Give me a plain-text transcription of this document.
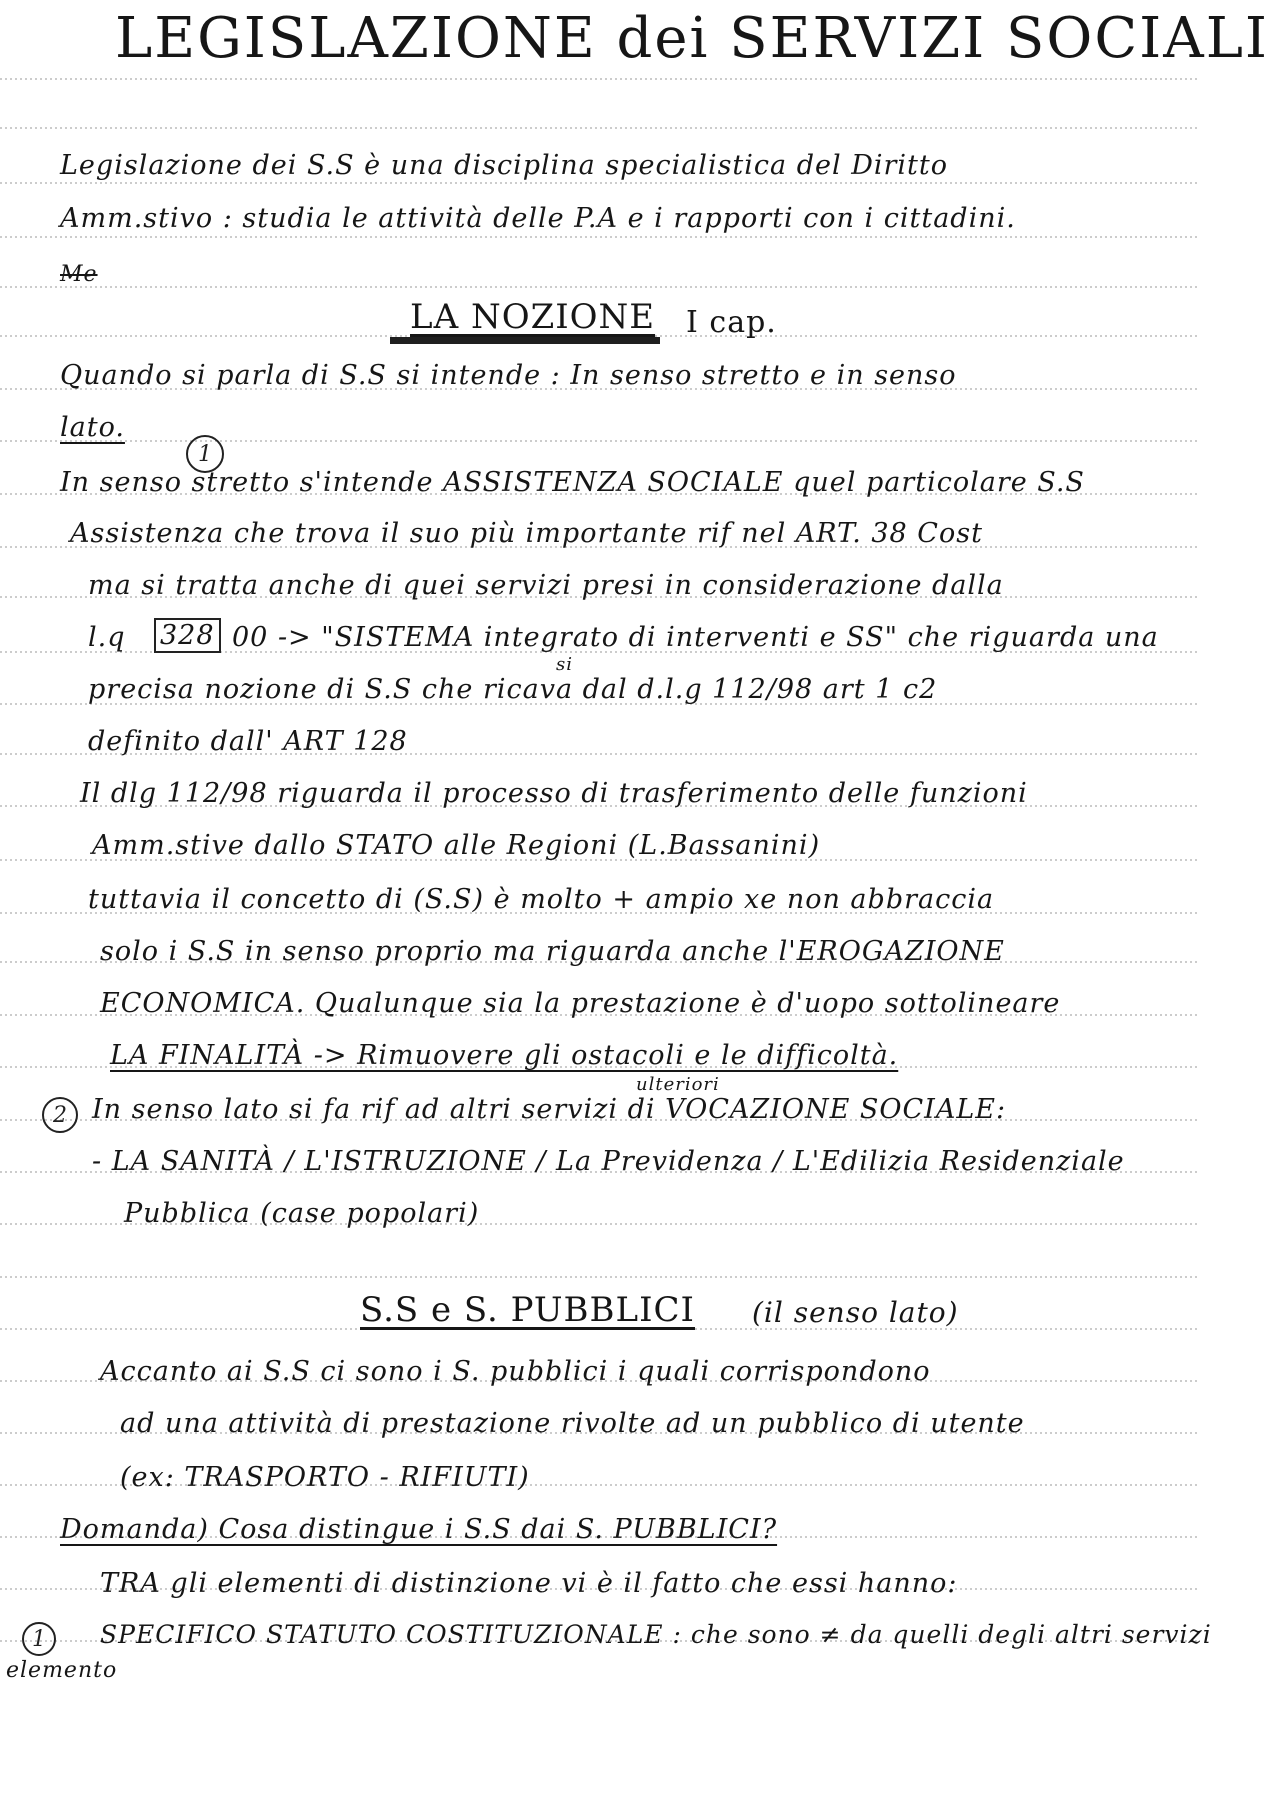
LEGISLAZIONE dei SERVIZI SOCIALI
Legislazione dei S.S è una disciplina specialistica del Diritto
Amm.stivo : studia le attività delle P.A e i rapporti con i cittadini.
Me
LA NOZIONE I cap.
Quando si parla di S.S si intende : In senso stretto e in senso
lato.
1
In senso stretto s'intende ASSISTENZA SOCIALE quel particolare S.S
Assistenza che trova il suo più importante rif nel ART. 38 Cost
ma si tratta anche di quei servizi presi in considerazione dalla
l.q 328 00 -> "SISTEMA integrato di interventi e SS" che riguarda una
si
precisa nozione di S.S che ricava dal d.l.g 112/98 art 1 c2
definito dall' ART 128
Il dlg 112/98 riguarda il processo di trasferimento delle funzioni
Amm.stive dallo STATO alle Regioni (L.Bassanini)
tuttavia il concetto di (S.S) è molto + ampio xe non abbraccia
solo i S.S in senso proprio ma riguarda anche l'EROGAZIONE
ECONOMICA. Qualunque sia la prestazione è d'uopo sottolineare
LA FINALITÀ -> Rimuovere gli ostacoli e le difficoltà.
2
ulteriori
In senso lato si fa rif ad altri servizi di VOCAZIONE SOCIALE:
- LA SANITÀ / L'ISTRUZIONE / La Previdenza / L'Edilizia Residenziale
Pubblica (case popolari)
S.S e S. PUBBLICI (il senso lato)
Accanto ai S.S ci sono i S. pubblici i quali corrispondono
ad una attività di prestazione rivolte ad un pubblico di utente
(ex: TRASPORTO - RIFIUTI)
Domanda) Cosa distingue i S.S dai S. PUBBLICI?
TRA gli elementi di distinzione vi è il fatto che essi hanno:
1	SPECIFICO STATUTO COSTITUZIONALE : che sono ≠ da quelli degli altri servizi
elemento
